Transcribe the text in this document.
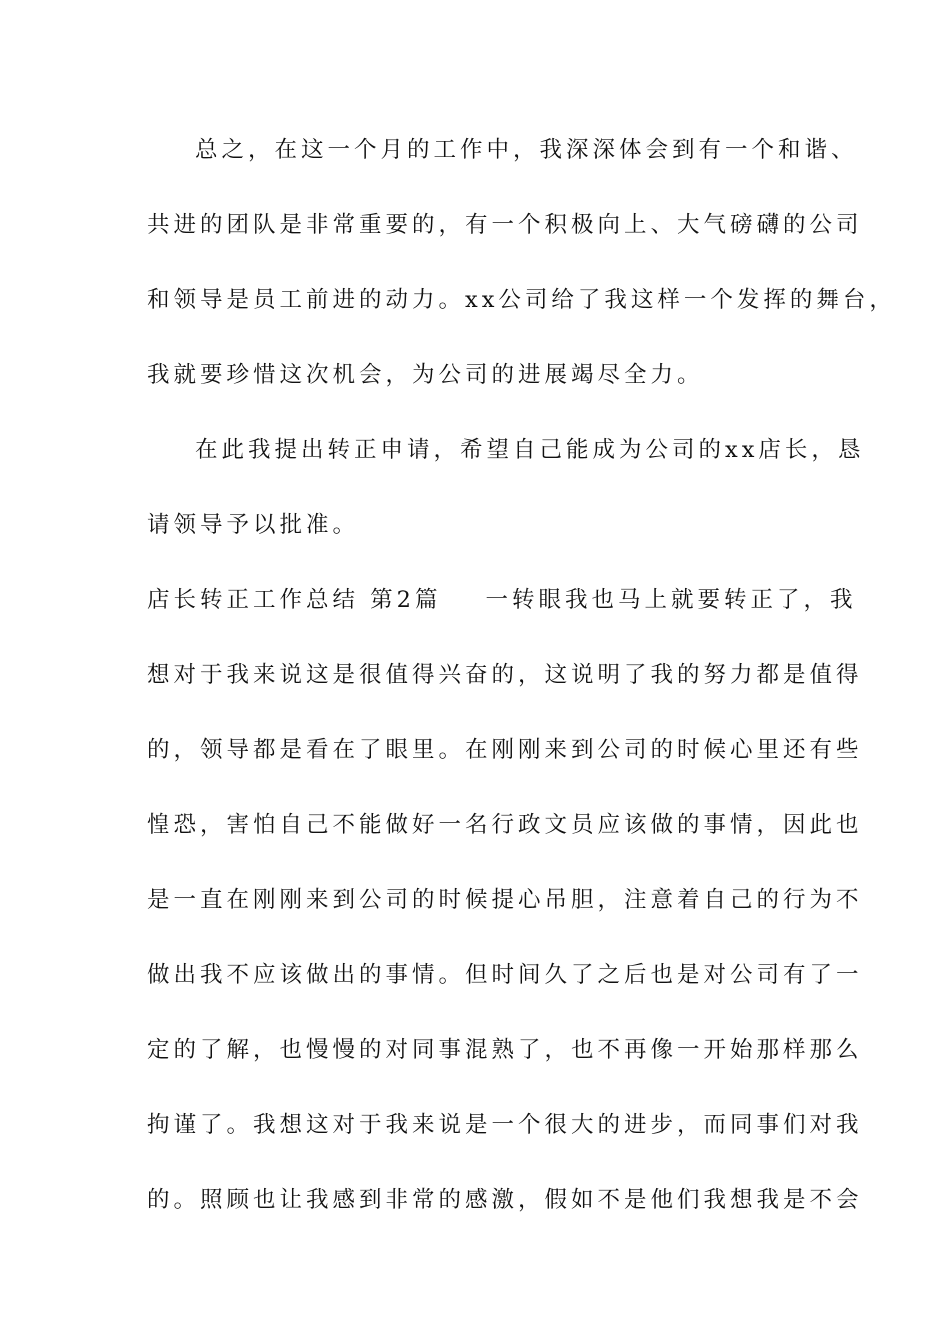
总之，在这一个月的工作中，我深深体会到有一个和谐、
共进的团队是非常重要的，有一个积极向上、大气磅礴的公司
和领导是员工前进的动力。xx公司给了我这样一个发挥的舞台，
我就要珍惜这次机会，为公司的进展竭尽全力。
在此我提出转正申请，希望自己能成为公司的xx店长，恳
请领导予以批准。
店长转正工作总结 第2篇 一转眼我也马上就要转正了，我
想对于我来说这是很值得兴奋的，这说明了我的努力都是值得
的，领导都是看在了眼里。在刚刚来到公司的时候心里还有些
惶恐，害怕自己不能做好一名行政文员应该做的事情，因此也
是一直在刚刚来到公司的时候提心吊胆，注意着自己的行为不
做出我不应该做出的事情。但时间久了之后也是对公司有了一
定的了解，也慢慢的对同事混熟了，也不再像一开始那样那么
拘谨了。我想这对于我来说是一个很大的进步，而同事们对我
的。照顾也让我感到非常的感激，假如不是他们我想我是不会
